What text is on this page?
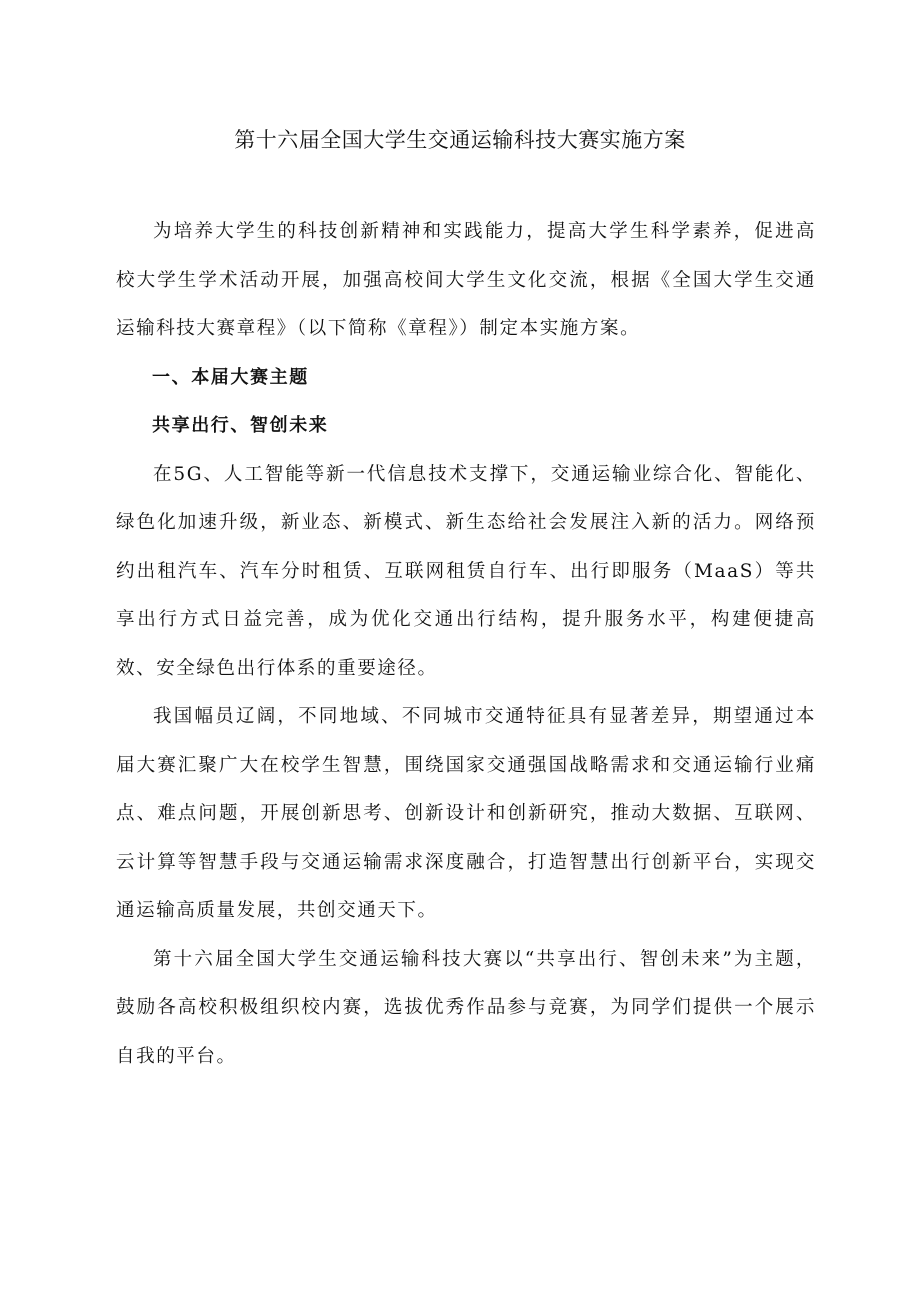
第十六届全国大学生交通运输科技大赛实施方案

为培养大学生的科技创新精神和实践能力，提高大学生科学素养，促进高校大学生学术活动开展，加强高校间大学生文化交流，根据《全国大学生交通运输科技大赛章程》（以下简称《章程》）制定本实施方案。

一、本届大赛主题

共享出行、智创未来

在5G、人工智能等新一代信息技术支撑下，交通运输业综合化、智能化、绿色化加速升级，新业态、新模式、新生态给社会发展注入新的活力。网络预约出租汽车、汽车分时租赁、互联网租赁自行车、出行即服务（MaaS）等共享出行方式日益完善，成为优化交通出行结构，提升服务水平，构建便捷高效、安全绿色出行体系的重要途径。

我国幅员辽阔，不同地域、不同城市交通特征具有显著差异，期望通过本届大赛汇聚广大在校学生智慧，围绕国家交通强国战略需求和交通运输行业痛点、难点问题，开展创新思考、创新设计和创新研究，推动大数据、互联网、云计算等智慧手段与交通运输需求深度融合，打造智慧出行创新平台，实现交通运输高质量发展，共创交通天下。

第十六届全国大学生交通运输科技大赛以“共享出行、智创未来”为主题，鼓励各高校积极组织校内赛，选拔优秀作品参与竞赛，为同学们提供一个展示自我的平台。
